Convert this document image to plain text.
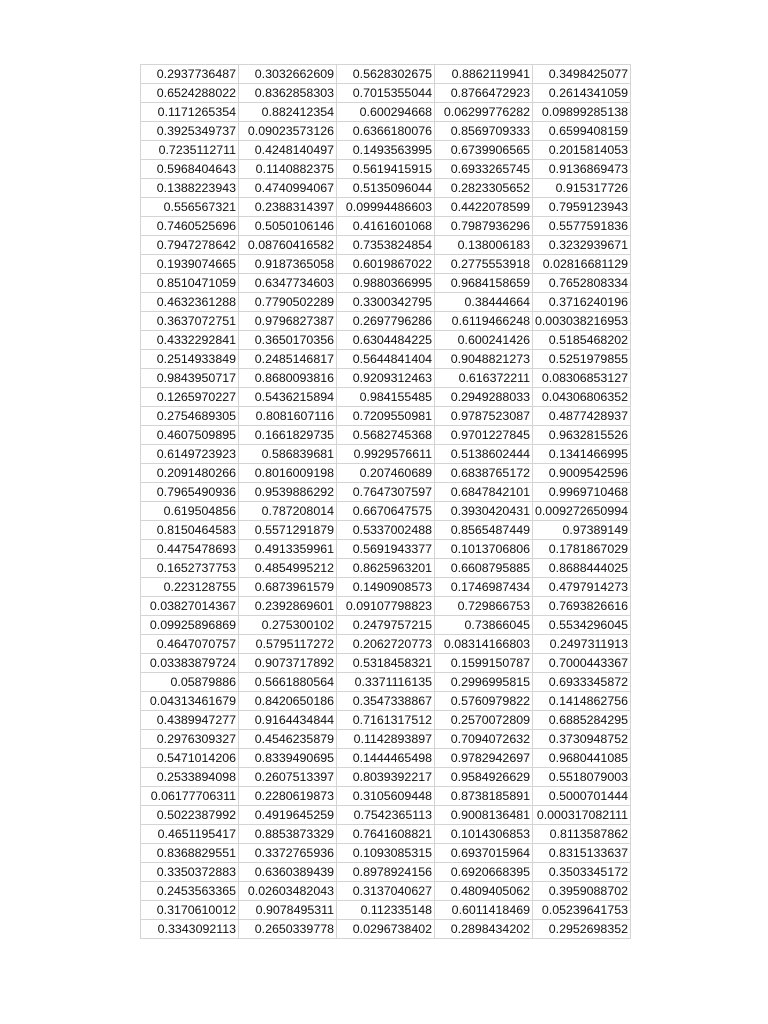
0.2937736487	0.3032662609	0.5628302675	0.8862119941	0.3498425077
0.6524288022	0.8362858303	0.7015355044	0.8766472923	0.2614341059
0.1171265354	0.882412354	0.600294668	0.06299776282	0.09899285138
0.3925349737	0.09023573126	0.6366180076	0.8569709333	0.6599408159
0.7235112711	0.4248140497	0.1493563995	0.6739906565	0.2015814053
0.5968404643	0.1140882375	0.5619415915	0.6933265745	0.9136869473
0.1388223943	0.4740994067	0.5135096044	0.2823305652	0.915317726
0.556567321	0.2388314397	0.09994486603	0.4422078599	0.7959123943
0.7460525696	0.5050106146	0.4161601068	0.7987936296	0.5577591836
0.7947278642	0.08760416582	0.7353824854	0.138006183	0.3232939671
0.1939074665	0.9187365058	0.6019867022	0.2775553918	0.02816681129
0.8510471059	0.6347734603	0.9880366995	0.9684158659	0.7652808334
0.4632361288	0.7790502289	0.3300342795	0.38444664	0.3716240196
0.3637072751	0.9796827387	0.2697796286	0.6119466248	0.003038216953
0.4332292841	0.3650170356	0.6304484225	0.600241426	0.5185468202
0.2514933849	0.2485146817	0.5644841404	0.9048821273	0.5251979855
0.9843950717	0.8680093816	0.9209312463	0.616372211	0.08306853127
0.1265970227	0.5436215894	0.984155485	0.2949288033	0.04306806352
0.2754689305	0.8081607116	0.7209550981	0.9787523087	0.4877428937
0.4607509895	0.1661829735	0.5682745368	0.9701227845	0.9632815526
0.6149723923	0.586839681	0.9929576611	0.5138602444	0.1341466995
0.2091480266	0.8016009198	0.207460689	0.6838765172	0.9009542596
0.7965490936	0.9539886292	0.7647307597	0.6847842101	0.9969710468
0.619504856	0.787208014	0.6670647575	0.3930420431	0.009272650994
0.8150464583	0.5571291879	0.5337002488	0.8565487449	0.97389149
0.4475478693	0.4913359961	0.5691943377	0.1013706806	0.1781867029
0.1652737753	0.4854995212	0.8625963201	0.6608795885	0.8688444025
0.223128755	0.6873961579	0.1490908573	0.1746987434	0.4797914273
0.03827014367	0.2392869601	0.09107798823	0.729866753	0.7693826616
0.09925896869	0.275300102	0.2479757215	0.73866045	0.5534296045
0.4647070757	0.5795117272	0.2062720773	0.08314166803	0.2497311913
0.03383879724	0.9073717892	0.5318458321	0.1599150787	0.7000443367
0.05879886	0.5661880564	0.3371116135	0.2996995815	0.6933345872
0.04313461679	0.8420650186	0.3547338867	0.5760979822	0.1414862756
0.4389947277	0.9164434844	0.7161317512	0.2570072809	0.6885284295
0.2976309327	0.4546235879	0.1142893897	0.7094072632	0.3730948752
0.5471014206	0.8339490695	0.1444465498	0.9782942697	0.9680441085
0.2533894098	0.2607513397	0.8039392217	0.9584926629	0.5518079003
0.06177706311	0.2280619873	0.3105609448	0.8738185891	0.5000701444
0.5022387992	0.4919645259	0.7542365113	0.9008136481	0.000317082111
0.4651195417	0.8853873329	0.7641608821	0.1014306853	0.8113587862
0.8368829551	0.3372765936	0.1093085315	0.6937015964	0.8315133637
0.3350372883	0.6360389439	0.8978924156	0.6920668395	0.3503345172
0.2453563365	0.02603482043	0.3137040627	0.4809405062	0.3959088702
0.3170610012	0.9078495311	0.112335148	0.6011418469	0.05239641753
0.3343092113	0.2650339778	0.0296738402	0.2898434202	0.2952698352
